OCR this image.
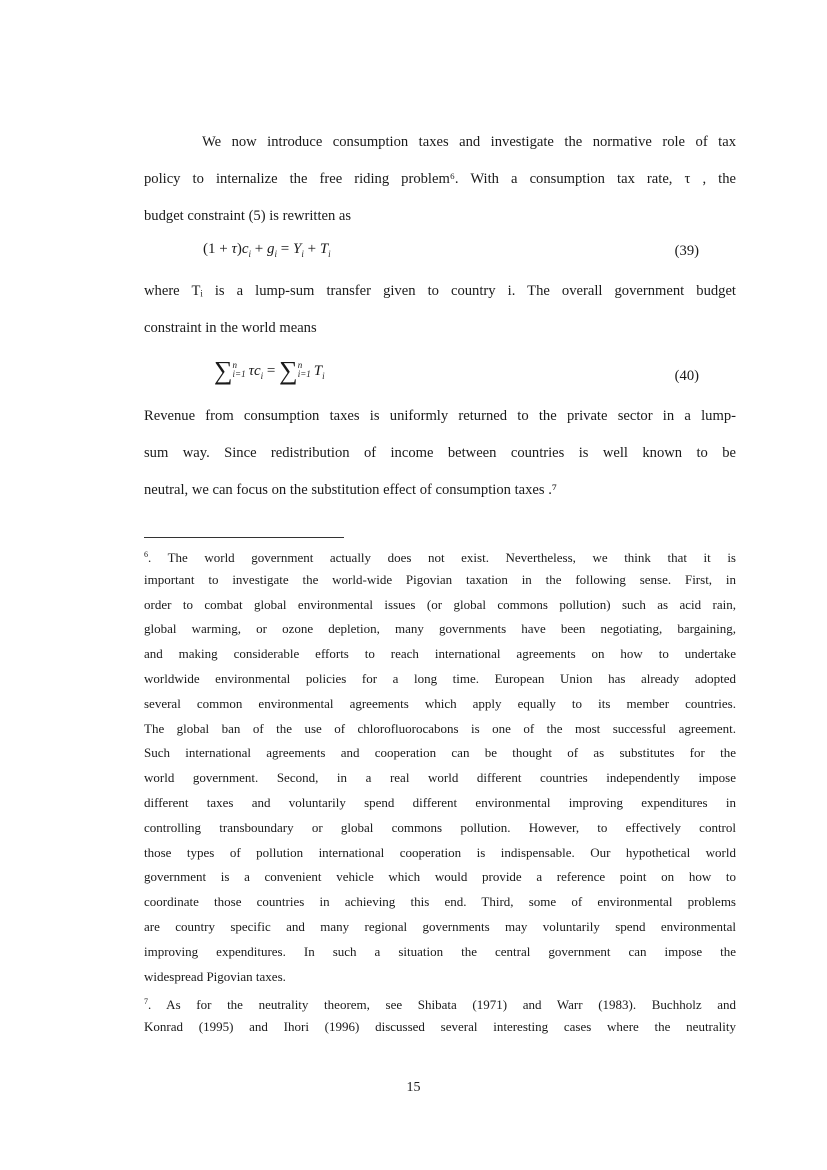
We now introduce consumption taxes and investigate the normative role of tax
policy to internalize the free riding problem⁶. With a consumption tax rate, τ , the
budget constraint (5) is rewritten as
$(1 + \tau)c_i + g_i = Y_i + T_i$	(39)
where Tᵢ is a lump-sum transfer given to country i. The overall government budget
constraint in the world means
∑ n
i=1 $\tau c_i$ = ∑ n
i=1 $T_i$	(40)
Revenue from consumption taxes is uniformly returned to the private sector in a lump-
sum way. Since redistribution of income between countries is well known to be
neutral, we can focus on the substitution effect of consumption taxes .⁷
$^6$. The world government actually does not exist. Nevertheless, we think that it is
important to investigate the world-wide Pigovian taxation in the following sense. First, in
order to combat global environmental issues (or global commons pollution) such as acid rain,
global warming, or ozone depletion, many governments have been negotiating, bargaining,
and making considerable efforts to reach international agreements on how to undertake
worldwide environmental policies for a long time. European Union has already adopted
several common environmental agreements which apply equally to its member countries.
The global ban of the use of chlorofluorocabons is one of the most successful agreement.
Such international agreements and cooperation can be thought of as substitutes for the
world government. Second, in a real world different countries independently impose
different taxes and voluntarily spend different environmental improving expenditures in
controlling transboundary or global commons pollution. However, to effectively control
those types of pollution international cooperation is indispensable. Our hypothetical world
government is a convenient vehicle which would provide a reference point on how to
coordinate those countries in achieving this end. Third, some of environmental problems
are country specific and many regional governments may voluntarily spend environmental
improving expenditures. In such a situation the central government can impose the
widespread Pigovian taxes.
$^7$. As for the neutrality theorem, see Shibata (1971) and Warr (1983). Buchholz and
Konrad (1995) and Ihori (1996) discussed several interesting cases where the neutrality
15
